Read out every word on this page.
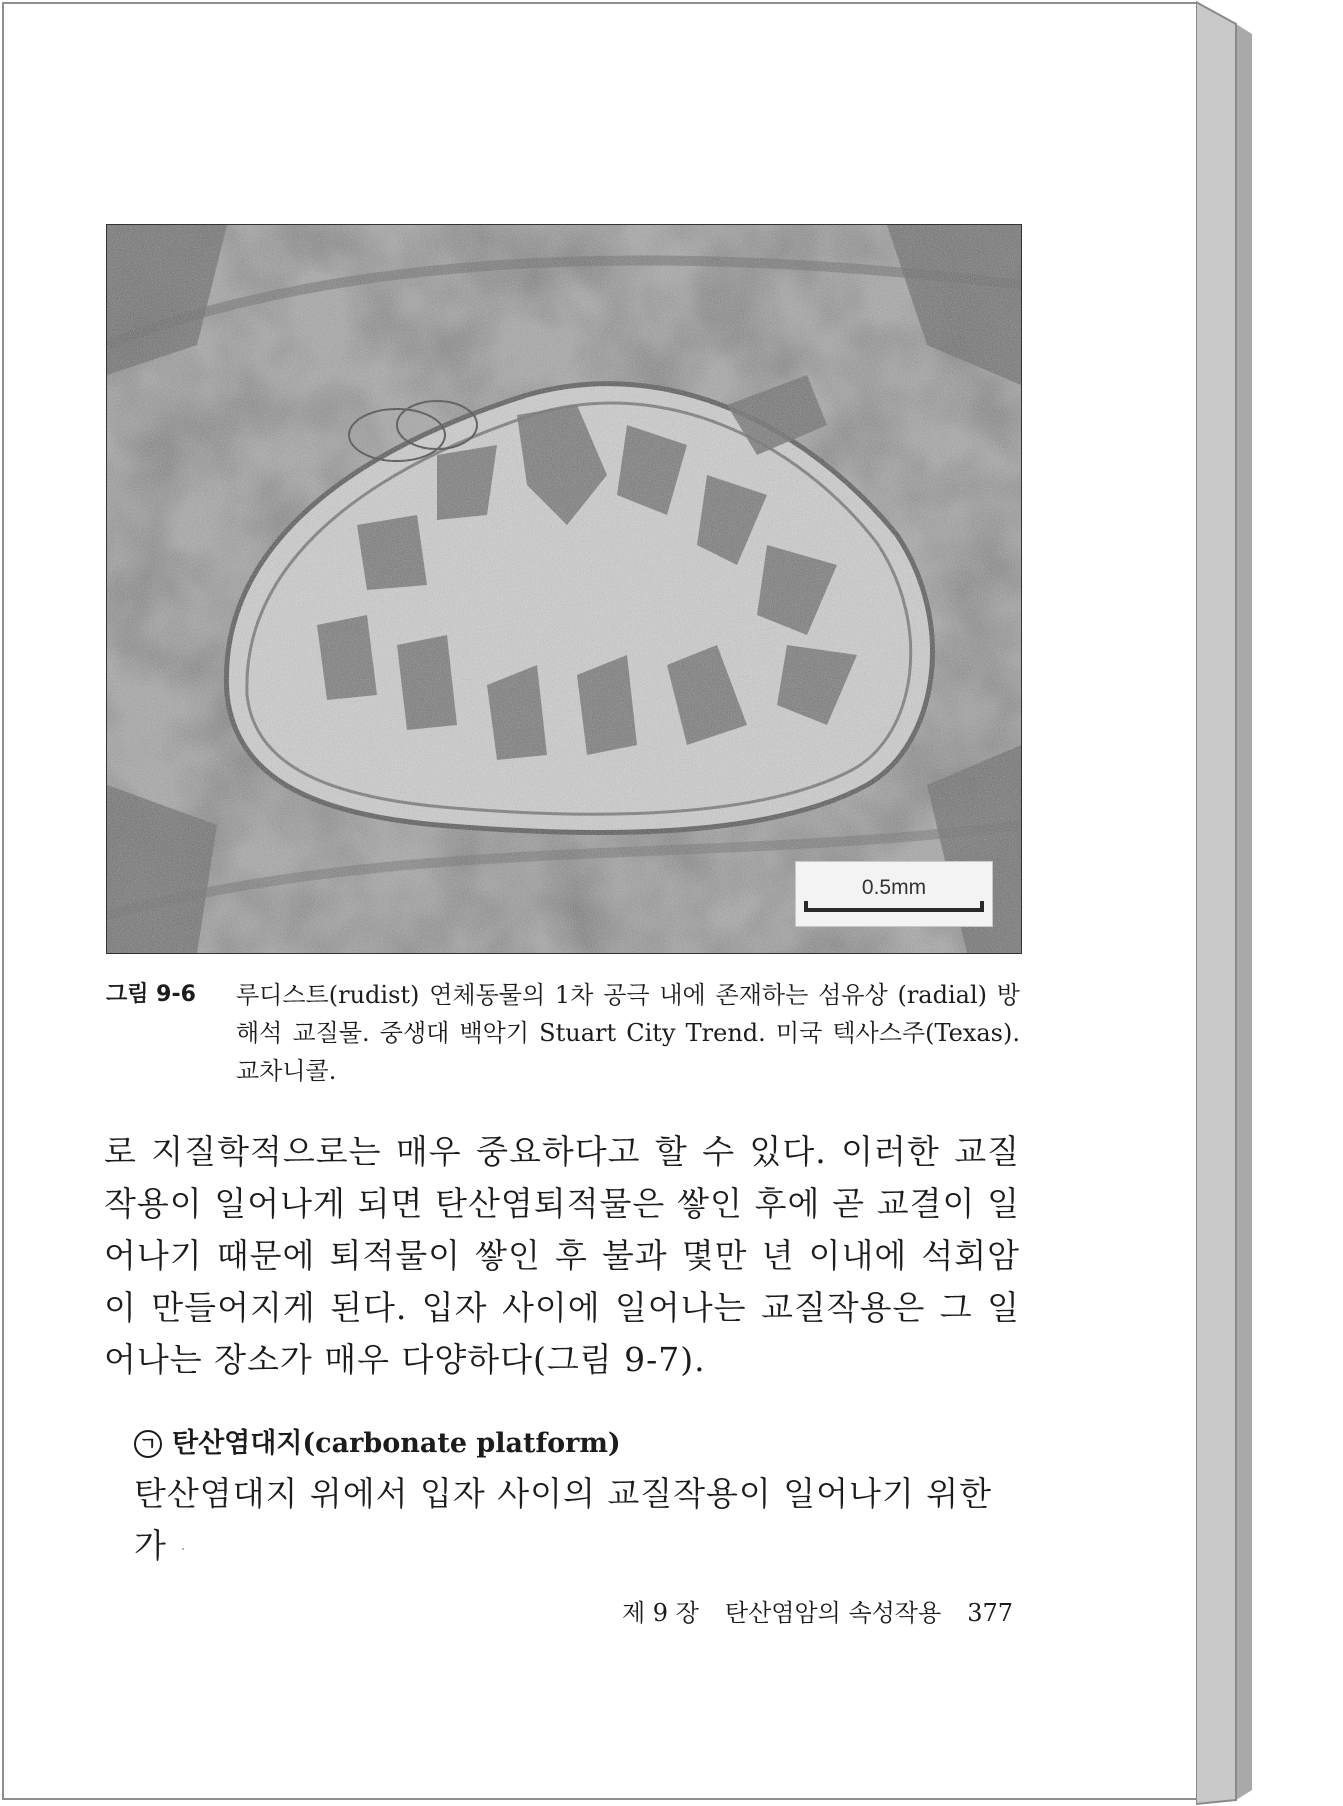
0.5mm
그림 9-6	루디스트(rudist) 연체동물의 1차 공극 내에 존재하는 섬유상 (radial) 방해석 교질물. 중생대 백악기 Stuart City Trend. 미국 텍사스주(Texas). 교차니콜.

로 지질학적으로는 매우 중요하다고 할 수 있다. 이러한 교질작용이 일어나게 되면 탄산염퇴적물은 쌓인 후에 곧 교결이 일어나기 때문에 퇴적물이 쌓인 후 불과 몇만 년 이내에 석회암이 만들어지게 된다. 입자 사이에 일어나는 교질작용은 그 일어나는 장소가 매우 다양하다(그림 9-7).

ㄱ 탄산염대지(carbonate platform)

탄산염대지 위에서 입자 사이의 교질작용이 일어나기 위한 가

제 9 장 탄산염암의 속성작용 377
